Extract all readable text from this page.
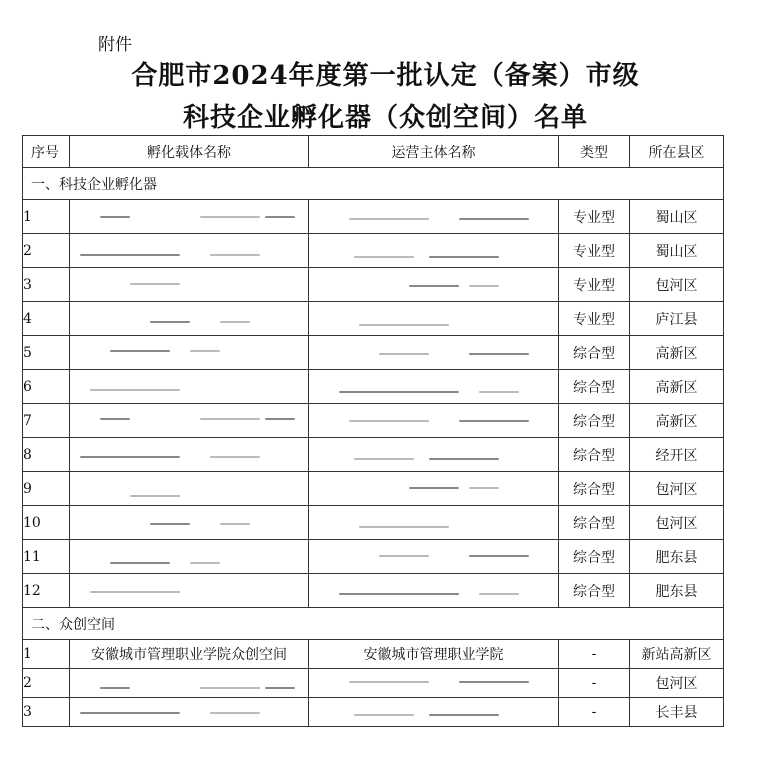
附件
合肥市2024年度第一批认定（备案）市级
科技企业孵化器（众创空间）名单
序号	孵化载体名称	运营主体名称	类型	所在县区
一、科技企业孵化器				
1			专业型	蜀山区
2			专业型	蜀山区
3			专业型	包河区
4			专业型	庐江县
5			综合型	高新区
6			综合型	高新区
7			综合型	高新区
8			综合型	经开区
9			综合型	包河区
10			综合型	包河区
11			综合型	肥东县
12			综合型	肥东县
二、众创空间				
1	安徽城市管理职业学院众创空间	安徽城市管理职业学院	-	新站高新区
2			-	包河区
3			-	长丰县
